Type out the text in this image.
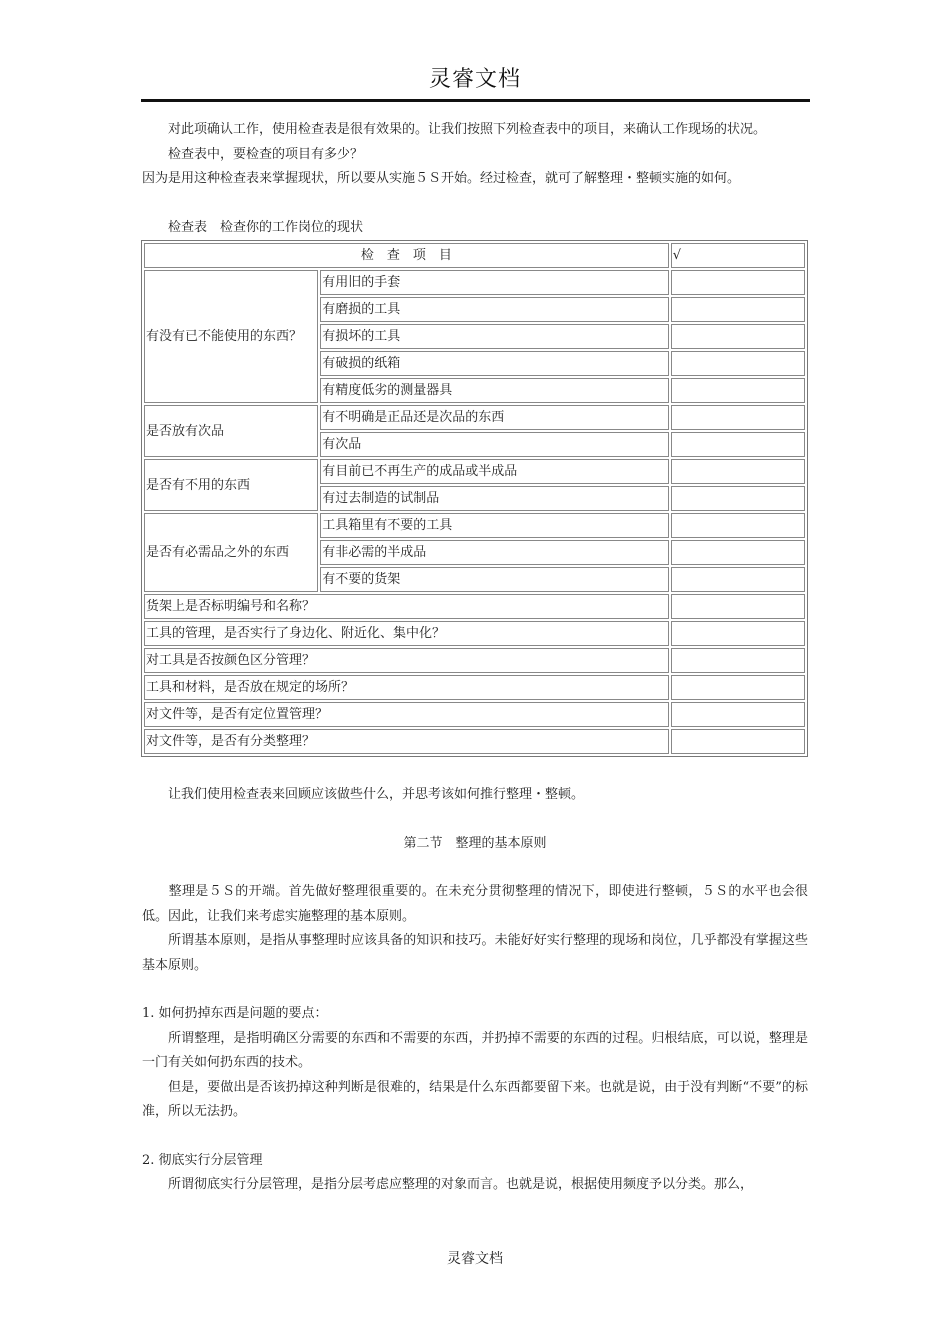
灵睿文档

　　对此项确认工作，使用检查表是很有效果的。让我们按照下列检查表中的项目，来确认工作现场的状况。

　　检查表中，要检查的项目有多少？

因为是用这种检查表来掌握现状，所以要从实施５Ｓ开始。经过检查，就可了解整理・整顿实施的如何。

　　检查表　检查你的工作岗位的现状

检　查　项　目		√
有没有已不能使用的东西？	有用旧的手套	
	有磨损的工具	
	有损坏的工具	
	有破损的纸箱	
	有精度低劣的测量器具	
是否放有次品	有不明确是正品还是次品的东西	
	有次品	
是否有不用的东西	有目前已不再生产的成品或半成品	
	有过去制造的试制品	
是否有必需品之外的东西	工具箱里有不要的工具	
	有非必需的半成品	
	有不要的货架	
货架上是否标明编号和名称？		
工具的管理，是否实行了身边化、附近化、集中化？		
对工具是否按颜色区分管理？		
工具和材料，是否放在规定的场所？		
对文件等，是否有定位置管理？		
对文件等，是否有分类整理？		

　　让我们使用检查表来回顾应该做些什么，并思考该如何推行整理・整顿。

第二节　整理的基本原则

　　整理是５Ｓ的开端。首先做好整理很重要的。在未充分贯彻整理的情况下，即使进行整顿，５Ｓ的水平也会很低。因此，让我们来考虑实施整理的基本原则。

　　所谓基本原则，是指从事整理时应该具备的知识和技巧。未能好好实行整理的现场和岗位，几乎都没有掌握这些基本原则。

1. 如何扔掉东西是问题的要点：

　　所谓整理，是指明确区分需要的东西和不需要的东西，并扔掉不需要的东西的过程。归根结底，可以说，整理是一门有关如何扔东西的技术。

　　但是，要做出是否该扔掉这种判断是很难的，结果是什么东西都要留下来。也就是说，由于没有判断“不要”的标准，所以无法扔。

2. 彻底实行分层管理

　　所谓彻底实行分层管理，是指分层考虑应整理的对象而言。也就是说，根据使用频度予以分类。那么，

灵睿文档
